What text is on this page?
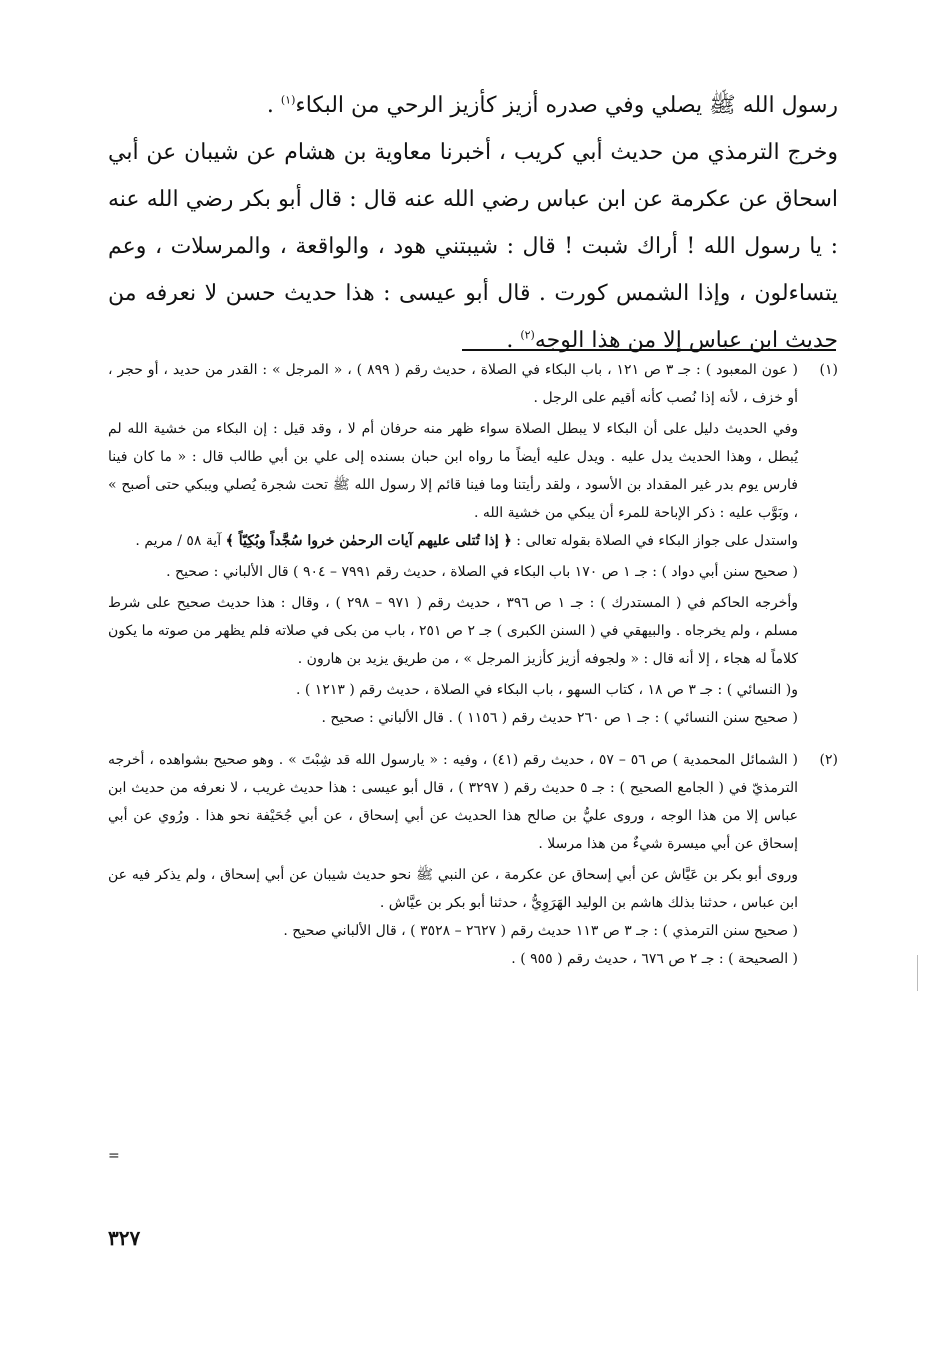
رسول الله ﷺ يصلي وفي صدره أزيز كأزيز الرحي من البكاء$^{(١)}$ .

وخرج الترمذي من حديث أبي كريب ، أخبرنا معاوية بن هشام عن شيبان عن أبي اسحاق عن عكرمة عن ابن عباس رضي الله عنه قال : قال أبو بكر رضي الله عنه : يا رسول الله ! أراك شبت ! قال : شيبتني هود ، والواقعة ، والمرسلات ، وعم يتساءلون ، وإذا الشمس كورت . قال أبو عيسى : هذا حديث حسن لا نعرفه من حديث ابن عباس إلا من هذا الوجه$^{(٢)}$ .

(١)

( عون المعبود ) : جـ ٣ ص ١٢١ ، باب البكاء في الصلاة ، حديث رقم ( ٨٩٩ ) ، « المرجل » : القدر من حديد ، أو حجر ، أو خزف ، لأنه إذا نُصب كأنه أقيم على الرجل .

وفي الحديث دليل على أن البكاء لا يبطل الصلاة سواء ظهر منه حرفان أم لا ، وقد قيل : إن البكاء من خشية الله لم يُبطل ، وهذا الحديث يدل عليه . ويدل عليه أيضاً ما رواه ابن حبان بسنده إلى علي بن أبي طالب قال : « ما كان فينا فارس يوم بدر غير المقداد بن الأسود ، ولقد رأيتنا وما فينا قائم إلا رسول الله ﷺ تحت شجرة يُصلي ويبكي حتى أصبح » ، وبَوَّب عليه : ذكر الإباحة للمرء أن يبكي من خشية الله .

واستدل على جواز البكاء في الصلاة بقوله تعالى : ﴿ إذا تُتلى عليهم آيات الرحمٰن خروا سُجَّداً وبُكِيّاً ﴾ آية ٥٨ / مريم .

( صحيح سنن أبي دواد ) : جـ ١ ص ١٧٠ باب البكاء في الصلاة ، حديث رقم ٧٩٩١ – ٩٠٤ ) قال الألباني : صحيح .

وأخرجه الحاكم في ( المستدرك ) : جـ ١ ص ٣٩٦ ، حديث رقم ( ٩٧١ – ٢٩٨ ) ، وقال : هذا حديث صحيح على شرط مسلم ، ولم يخرجاه . والبيهقي في ( السنن الكبرى ) جـ ٢ ص ٢٥١ ، باب من بكى في صلاته فلم يظهر من صوته ما يكون كلاماً له هجاء ، إلا أنه قال : « ولجوفه أزيز كأزيز المرجل » ، من طريق يزيد بن هارون .

و( النسائي ) : جـ ٣ ص ١٨ ، كتاب السهو ، باب البكاء في الصلاة ، حديث رقم ( ١٢١٣ ) .

( صحيح سنن النسائي ) : جـ ١ ص ٢٦٠ حديث رقم ( ١١٥٦ ) . قال الألباني : صحيح .

(٢)

( الشمائل المحمدية ) ص ٥٦ – ٥٧ ، حديث رقم (٤١) ، وفيه : « يارسول الله قد شِبْتَ » . وهو صحيح بشواهده ، أخرجه الترمذيّ في ( الجامع الصحيح ) : جـ ٥ حديث رقم ( ٣٢٩٧ ) ، قال أبو عيسى : هذا حديث غريب ، لا نعرفه من حديث ابن عباس إلا من هذا الوجه ، وروى عليُّ بن صالح هذا الحديث عن أبي إسحاق ، عن أبي جُحَيْفة نحو هذا . ورُوي عن أبي إسحاق عن أبي ميسرة شيءٌ من هذا مرسلا .

وروى أبو بكر بن عَيَّاش عن أبي إسحاق عن عكرمة ، عن النبي ﷺ نحو حديث شيبان عن أبي إسحاق ، ولم يذكر فيه عن ابن عباس ، حدثنا بذلك هاشم بن الوليد الهَرَوِيُّ ، حدثنا أبو بكر بن عيَّاش .

( صحيح سنن الترمذي ) : جـ ٣ ص ١١٣ حديث رقم ( ٢٦٢٧ – ٣٥٢٨ ) ، قال الألباني صحيح .

( الصحيحة ) : جـ ٢ ص ٦٧٦ ، حديث رقم ( ٩٥٥ ) .

=
٣٢٧
